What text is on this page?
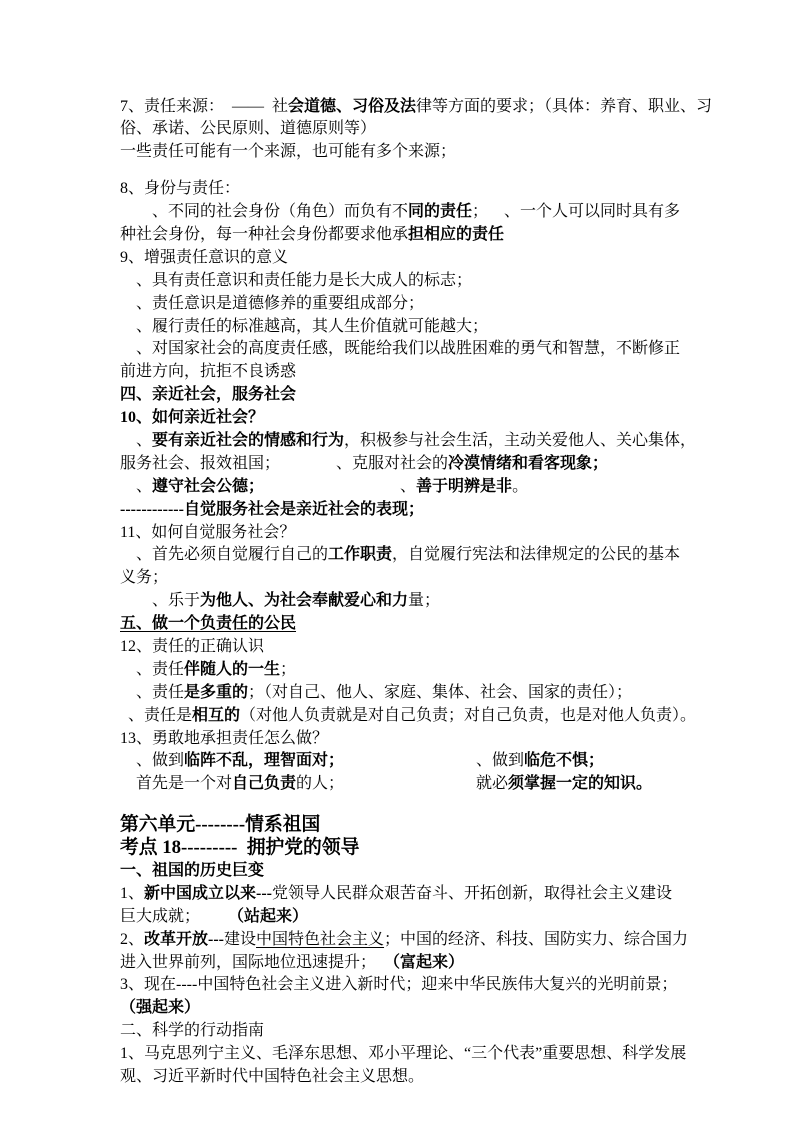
7、责任来源：  ——  社会道德、习俗及法律等方面的要求；（具体：养育、职业、习
俗、承诺、公民原则、道德原则等）
一些责任可能有一个来源，也可能有多个来源；
8、身份与责任：
、不同的社会身份（角色）而负有不同的责任；    、一个人可以同时具有多
种社会身份，每一种社会身份都要求他承担相应的责任
9、增强责任意识的意义
、具有责任意识和责任能力是长大成人的标志；
、责任意识是道德修养的重要组成部分；
、履行责任的标准越高，其人生价值就可能越大；
、对国家社会的高度责任感，既能给我们以战胜困难的勇气和智慧，不断修正
前进方向，抗拒不良诱惑
四、亲近社会，服务社会
10、如何亲近社会？
、要有亲近社会的情感和行为，积极参与社会生活，主动关爱他人、关心集体，
服务社会、报效祖国；              、克服对社会的冷漠情绪和看客现象；
、遵守社会公德；                                  、善于明辨是非。
------------自觉服务社会是亲近社会的表现；
11、如何自觉服务社会？
、首先必须自觉履行自己的工作职责，自觉履行宪法和法律规定的公民的基本
义务；
、乐于为他人、为社会奉献爱心和力量；
五、做一个负责任的公民
12、责任的正确认识
、责任伴随人的一生；
、责任是多重的；（对自己、他人、家庭、集体、社会、国家的责任）；
、责任是相互的（对他人负责就是对自己负责；对自己负责，也是对他人负责）。
13、勇敢地承担责任怎么做？
、做到临阵不乱，理智面对；                                 、做到临危不惧；
首先是一个对自己负责的人；                                 就必须掌握一定的知识。
第六单元--------情系祖国
考点 18---------  拥护党的领导
一、祖国的历史巨变
1、新中国成立以来---党领导人民群众艰苦奋斗、开拓创新，取得社会主义建设
巨大成就；       （站起来）
2、改革开放---建设中国特色社会主义；中国的经济、科技、国防实力、综合国力
进入世界前列，国际地位迅速提升；  （富起来）
3、现在----中国特色社会主义进入新时代；迎来中华民族伟大复兴的光明前景；
（强起来）
二、科学的行动指南
1、马克思列宁主义、毛泽东思想、邓小平理论、“三个代表”重要思想、科学发展
观、习近平新时代中国特色社会主义思想。
